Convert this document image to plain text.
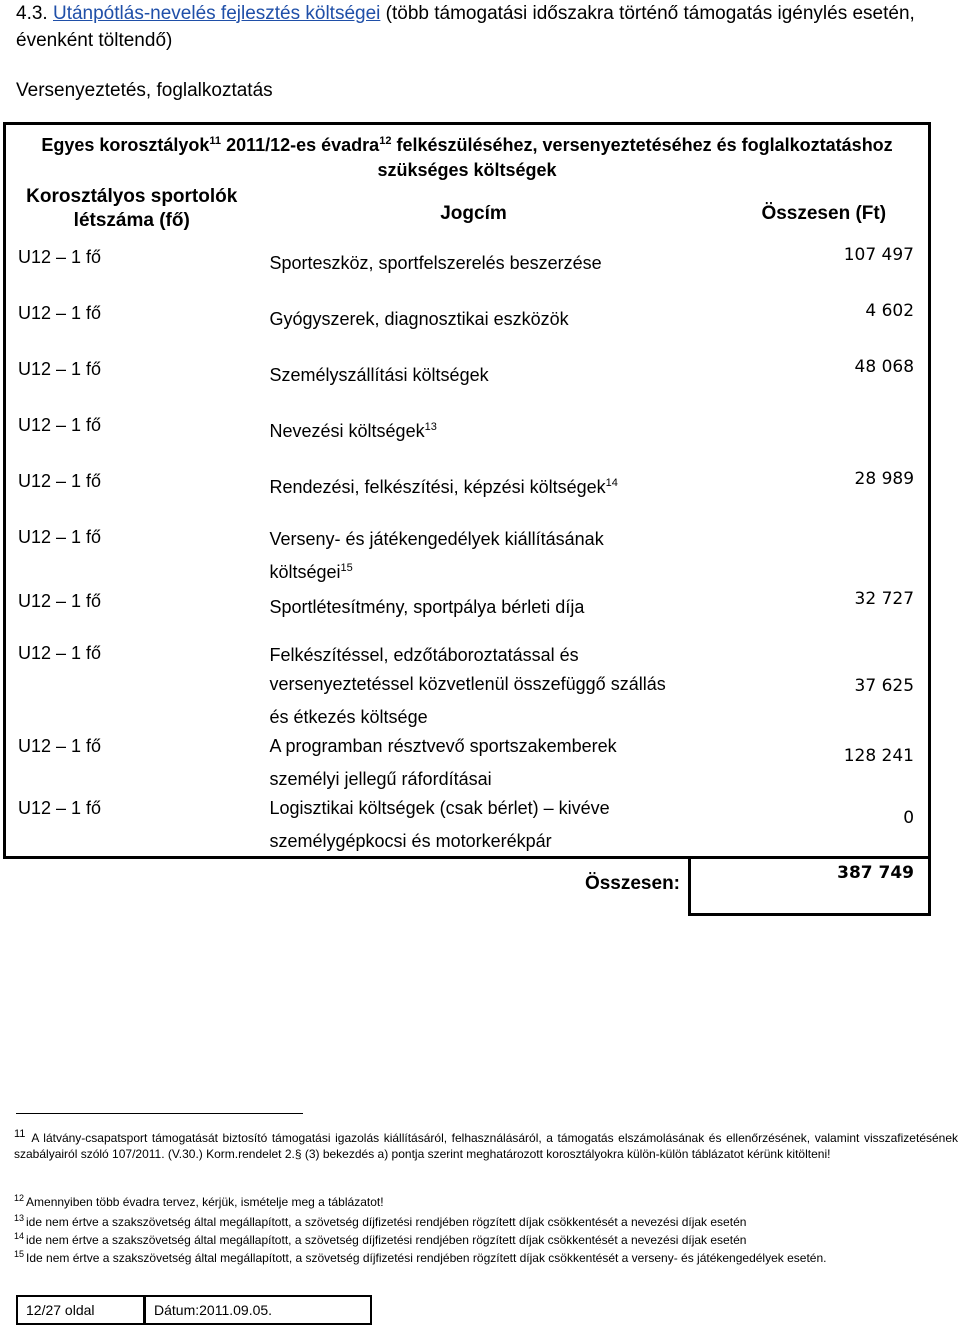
4.3. Utánpótlás-nevelés fejlesztés költségei (több támogatási időszakra történő támogatás igénylés esetén, évenként töltendő)
Versenyeztetés, foglalkoztatás
Egyes korosztályok$^{11}$ 2011/12-es évadra$^{12}$ felkészüléséhez, versenyeztetéséhez és foglalkoztatáshoz szükséges költségek		
Korosztályos sportolók létszáma (fő)	Jogcím	Összesen (Ft)
U12 – 1 fő	Sporteszköz, sportfelszerelés beszerzése	107 497
U12 – 1 fő	Gyógyszerek, diagnosztikai eszközök	4 602
U12 – 1 fő	Személyszállítási költségek	48 068
U12 – 1 fő	Nevezési költségek$^{13}$	
U12 – 1 fő	Rendezési, felkészítési, képzési költségek$^{14}$	28 989
U12 – 1 fő	Verseny- és játékengedélyek kiállításának költségei$^{15}$	
U12 – 1 fő	Sportlétesítmény, sportpálya bérleti díja	32 727
U12 – 1 fő	Felkészítéssel, edzőtáboroztatással és versenyeztetéssel közvetlenül összefüggő szállás és étkezés költsége	37 625
U12 – 1 fő	A programban résztvevő sportszakemberek személyi jellegű ráfordításai	128 241
U12 – 1 fő	Logisztikai költségek (csak bérlet) – kivéve személygépkocsi és motorkerékpár	0
	Összesen:	387 749
11 A látvány-csapatsport támogatását biztosító támogatási igazolás kiállításáról, felhasználásáról, a támogatás elszámolásának és ellenőrzésének, valamint visszafizetésének szabályairól szóló 107/2011. (V.30.) Korm.rendelet 2.§ (3) bekezdés a) pontja szerint meghatározott korosztályokra külön-külön táblázatot kérünk kitölteni!
$^{12}$ Amennyiben több évadra tervez, kérjük, ismételje meg a táblázatot!
$^{13}$ ide nem értve a szakszövetség által megállapított, a szövetség díjfizetési rendjében rögzített díjak csökkentését a nevezési díjak esetén
$^{14}$ ide nem értve a szakszövetség által megállapított, a szövetség díjfizetési rendjében rögzített díjak csökkentését a nevezési díjak esetén
$^{15}$ Ide nem értve a szakszövetség által megállapított, a szövetség díjfizetési rendjében rögzített díjak csökkentését a verseny- és játékengedélyek esetén.
12/27 oldal	Dátum:2011.09.05.
